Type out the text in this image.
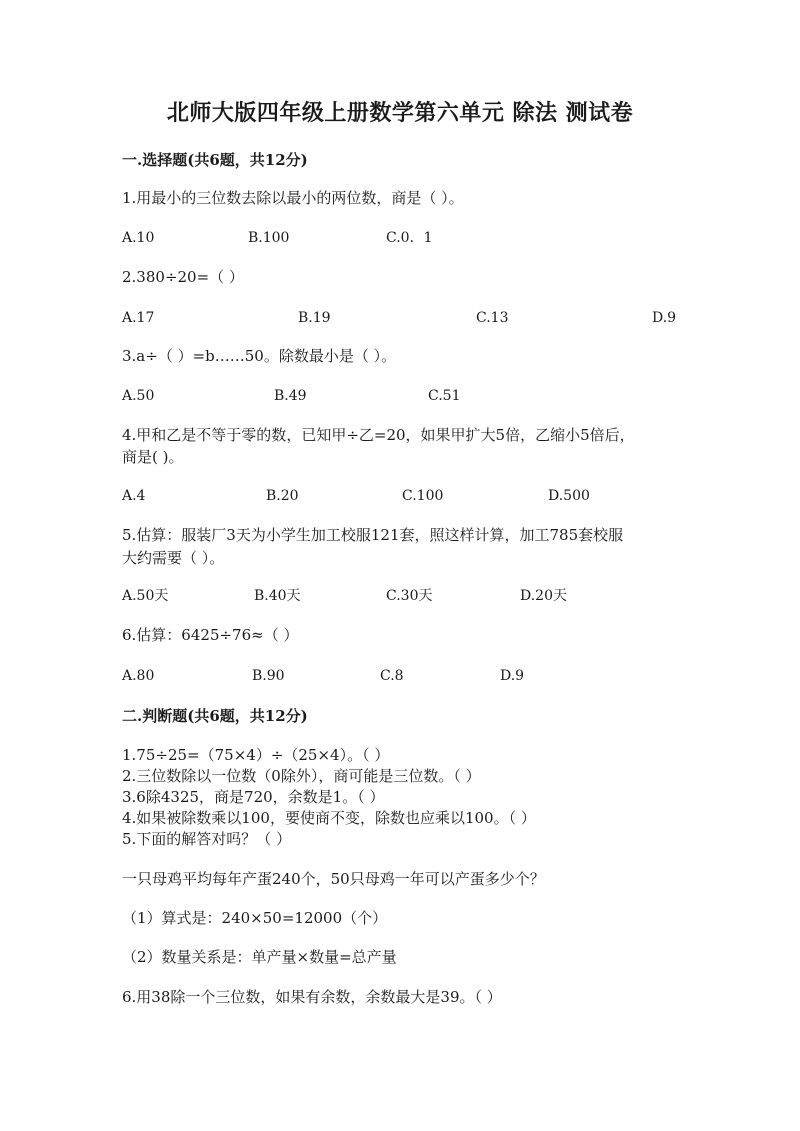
北师大版四年级上册数学第六单元 除法 测试卷
一.选择题(共6题，共12分)
1.用最小的三位数去除以最小的两位数，商是（ ）。
A.10	B.100	C.0．1
2.380÷20=（ ）
A.17	B.19	C.13	D.9
3.a÷（ ）=b……50。除数最小是（ ）。
A.50	B.49	C.51
4.甲和乙是不等于零的数，已知甲÷乙=20，如果甲扩大5倍，乙缩小5倍后，
商是( )。
A.4	B.20	C.100	D.500
5.估算：服装厂3天为小学生加工校服121套，照这样计算，加工785套校服
大约需要（ ）。
A.50天	B.40天	C.30天	D.20天
6.估算：6425÷76≈（ ）
A.80	B.90	C.8	D.9
二.判断题(共6题，共12分)
1.75÷25=（75×4）÷（25×4）。（ ）
2.三位数除以一位数（0除外），商可能是三位数。（ ）
3.6除4325，商是720，余数是1。（ ）
4.如果被除数乘以100，要使商不变，除数也应乘以100。（ ）
5.下面的解答对吗？（ ）
一只母鸡平均每年产蛋240个，50只母鸡一年可以产蛋多少个？
（1）算式是：240×50=12000（个）
（2）数量关系是：单产量×数量=总产量
6.用38除一个三位数，如果有余数，余数最大是39。（ ）
